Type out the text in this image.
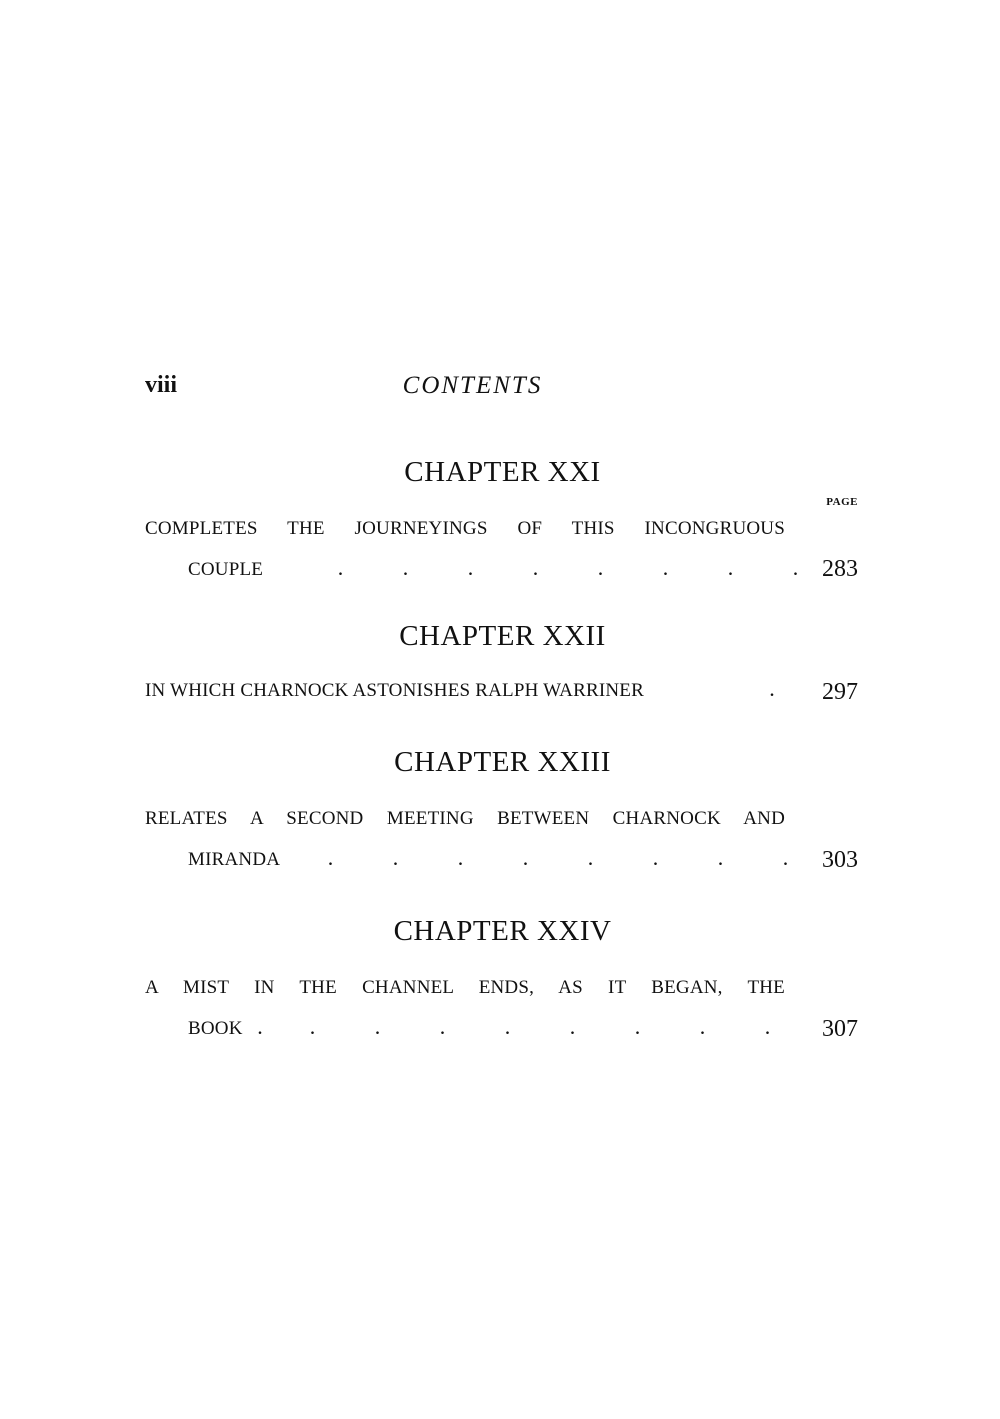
viii	CONTENTS
CHAPTER XXI
PAGE
COMPLETES THE JOURNEYINGS OF THIS INCONGRUOUS
COUPLE	.	.	.	.	.	.	.	. 283
CHAPTER XXII
IN WHICH CHARNOCK ASTONISHES RALPH WARRINER	.	297
CHAPTER XXIII
RELATES A SECOND MEETING BETWEEN CHARNOCK AND
MIRANDA	.	.	.	.	.	.	.	.	303
CHAPTER XXIV
A MIST IN THE CHANNEL ENDS, AS IT BEGAN, THE
BOOK . .	.	.	.	.	.	.	.	307
